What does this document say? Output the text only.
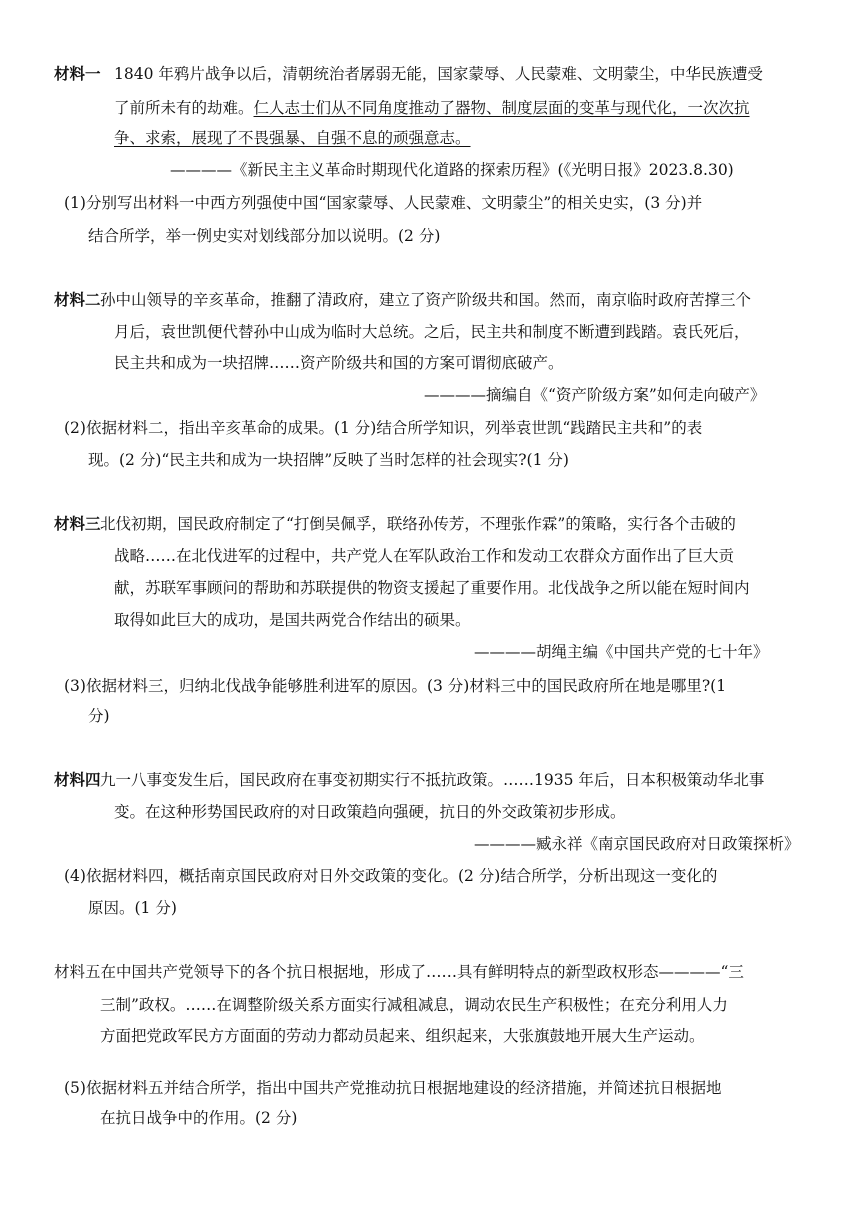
材料一 1840 年鸦片战争以后，清朝统治者孱弱无能，国家蒙辱、人民蒙难、文明蒙尘，中华民族遭受
了前所未有的劫难。仁人志士们从不同角度推动了器物、制度层面的变革与现代化，一次次抗
争、求索，展现了不畏强暴、自强不息的顽强意志。
————《新民主主义革命时期现代化道路的探索历程》(《光明日报》2023.8.30)
(1)分别写出材料一中西方列强使中国“国家蒙辱、人民蒙难、文明蒙尘”的相关史实，(3 分)并
结合所学，举一例史实对划线部分加以说明。(2 分)
材料二 孙中山领导的辛亥革命，推翻了清政府，建立了资产阶级共和国。然而，南京临时政府苦撑三个
月后，袁世凯便代替孙中山成为临时大总统。之后，民主共和制度不断遭到践踏。袁氏死后，
民主共和成为一块招牌……资产阶级共和国的方案可谓彻底破产。
————摘编自《“资产阶级方案”如何走向破产》
(2)依据材料二，指出辛亥革命的成果。(1 分)结合所学知识，列举袁世凯“践踏民主共和”的表
现。(2 分)“民主共和成为一块招牌”反映了当时怎样的社会现实?(1 分)
材料三 北伐初期，国民政府制定了“打倒吴佩孚，联络孙传芳，不理张作霖”的策略，实行各个击破的
战略……在北伐进军的过程中，共产党人在军队政治工作和发动工农群众方面作出了巨大贡
献，苏联军事顾问的帮助和苏联提供的物资支援起了重要作用。北伐战争之所以能在短时间内
取得如此巨大的成功，是国共两党合作结出的硕果。
————胡绳主编《中国共产党的七十年》
(3)依据材料三，归纳北伐战争能够胜利进军的原因。(3 分)材料三中的国民政府所在地是哪里?(1
分)
材料四 九一八事变发生后，国民政府在事变初期实行不抵抗政策。……1935 年后，日本积极策动华北事
变。在这种形势国民政府的对日政策趋向强硬，抗日的外交政策初步形成。
————臧永祥《南京国民政府对日政策探析》
(4)依据材料四，概括南京国民政府对日外交政策的变化。(2 分)结合所学，分析出现这一变化的
原因。(1 分)
材料五在中国共产党领导下的各个抗日根据地，形成了……具有鲜明特点的新型政权形态————“三
三制”政权。……在调整阶级关系方面实行减租减息，调动农民生产积极性；在充分利用人力
方面把党政军民方方面面的劳动力都动员起来、组织起来，大张旗鼓地开展大生产运动。
(5)依据材料五并结合所学，指出中国共产党推动抗日根据地建设的经济措施，并简述抗日根据地
在抗日战争中的作用。(2 分)
